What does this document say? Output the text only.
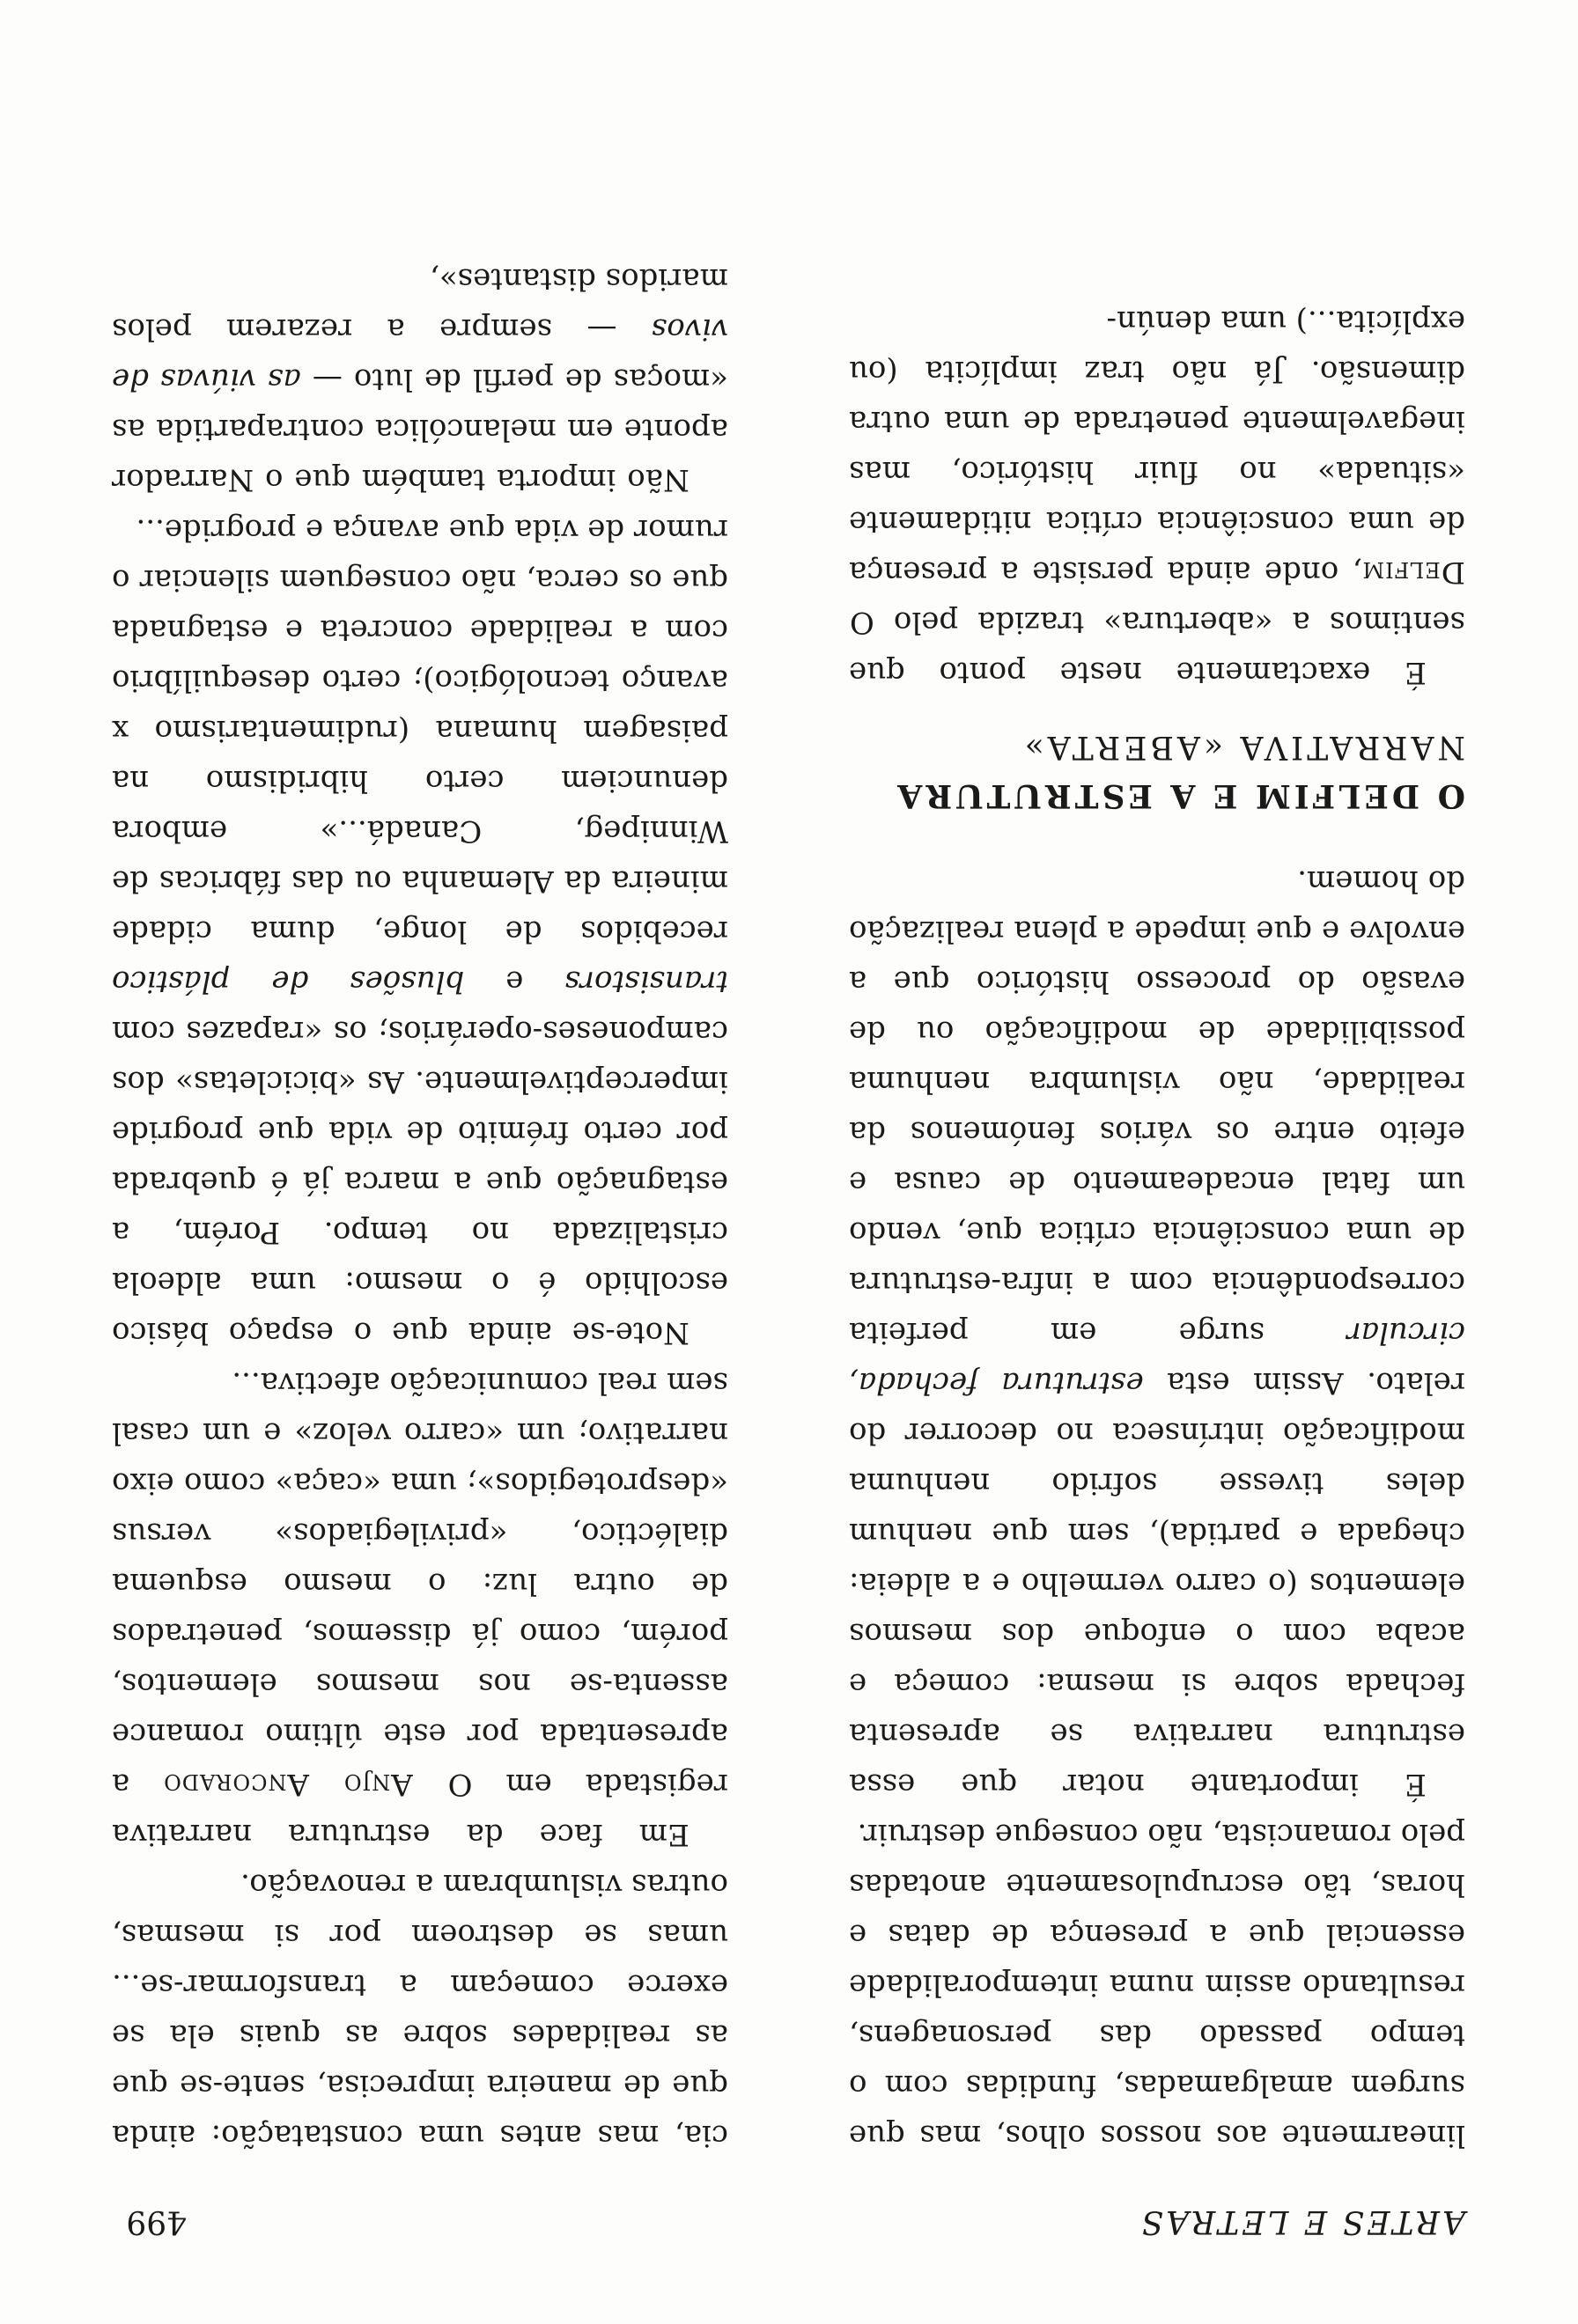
ARTES E LETRAS
499

linearmente aos nossos olhos, mas que surgem amalgamadas, fundidas com o tempo passado das personagens, resultando assim numa intemporalidade essencial que a presença de datas e horas, tão escrupulosamente anotadas pelo romancista, não consegue destruir.

É importante notar que essa estrutura narrativa se apresenta fechada sobre si mesma: começa e acaba com o enfoque dos mesmos elementos (o carro vermelho e a aldeia: chegada e partida), sem que nenhum deles tivesse sofrido nenhuma modificação intrínseca no decorrer do relato. Assim esta estrutura fechada, circular surge em perfeita correspondência com a infra-estrutura de uma consciência crítica que, vendo um fatal encadeamento de causa e efeito entre os vários fenómenos da realidade, não vislumbra nenhuma possibilidade de modificação ou de evasão do processo histórico que a envolve e que impede a plena realização do homem.

O DELFIM E A ESTRUTURA
NARRATIVA «ABERTA»

É exactamente neste ponto que sentimos a «abertura» trazida pelo O Delfim, onde ainda persiste a presença de uma consciência crítica nitidamente «situada» no fluir histórico, mas inegavelmente penetrada de uma outra dimensão. Já não traz implícita (ou explícita...) uma denún-

cia, mas antes uma constatação: ainda que de maneira imprecisa, sente-se que as realidades sobre as quais ela se exerce começam a transformar-se... umas se destroem por si mesmas, outras vislumbram a renovação.

Em face da estrutura narrativa registada em O Anjo Ancorado a apresentada por este último romance assenta-se nos mesmos elementos, porém, como já dissemos, penetrados de outra luz: o mesmo esquema dialéctico, «privilegiados» versus «desprotegidos»; uma «caça» como eixo narrativo; um «carro veloz» e um casal sem real comunicação afectiva...

Note-se ainda que o espaço básico escolhido é o mesmo: uma aldeola cristalizada no tempo. Porém, a estagnação que a marca já é quebrada por certo frémito de vida que progride imperceptivelmente. As «bicicletas» dos camponeses-operários; os «rapazes com transistors e blusões de plástico recebidos de longe, duma cidade mineira da Alemanha ou das fábricas de Winnipeg, Canadá...» embora denunciem certo hibridismo na paisagem humana (rudimentarismo x avanço tecnológico); certo desequilíbrio com a realidade concreta e estagnada que os cerca, não conseguem silenciar o rumor de vida que avança e progride...

Não importa também que o Narrador aponte em melancólica contrapartida as «moças de perfil de luto — as viúvas de vivos — sempre a rezarem pelos maridos distantes»,
